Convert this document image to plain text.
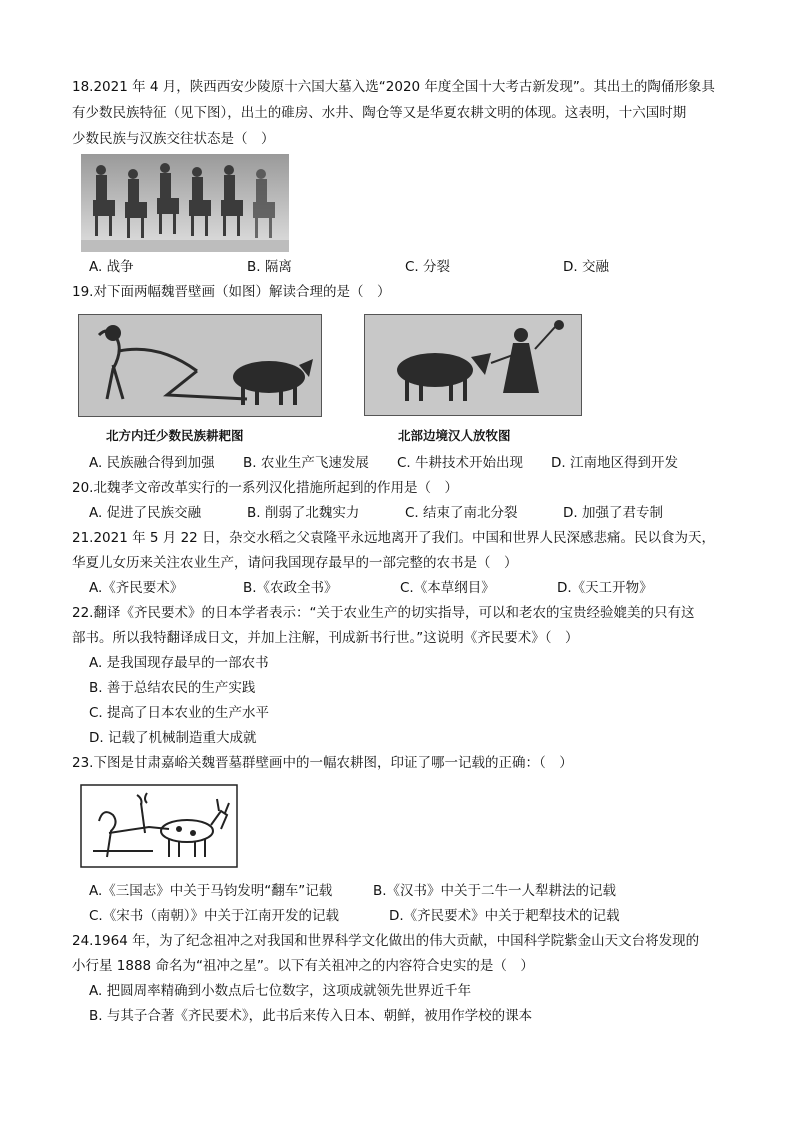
18.2021 年 4 月，陕西西安少陵原十六国大墓入选“2020 年度全国十大考古新发现”。其出土的陶俑形象具
有少数民族特征（见下图），出土的碓房、水井、陶仓等又是华夏农耕文明的体现。这表明，十六国时期
少数民族与汉族交往状态是（　）
A. 战争	B. 隔离	C. 分裂	D. 交融
19.对下面两幅魏晋壁画（如图）解读合理的是（　）
北方内迁少数民族耕耙图	北部边境汉人放牧图
A. 民族融合得到加强 B. 农业生产飞速发展 C. 牛耕技术开始出现 D. 江南地区得到开发
20.北魏孝文帝改革实行的一系列汉化措施所起到的作用是（　）
A. 促进了民族交融	B. 削弱了北魏实力	C. 结束了南北分裂	D. 加强了君专制
21.2021 年 5 月 22 日，杂交水稻之父袁隆平永远地离开了我们。中国和世界人民深感悲痛。民以食为天，
华夏儿女历来关注农业生产，请问我国现存最早的一部完整的农书是（　）
A.《齐民要术》	B.《农政全书》	C.《本草纲目》	D.《天工开物》
22.翻译《齐民要术》的日本学者表示：“关于农业生产的切实指导，可以和老农的宝贵经验媲美的只有这
部书。所以我特翻译成日文，并加上注解，刊成新书行世。”这说明《齐民要术》（　）
A. 是我国现存最早的一部农书
B. 善于总结农民的生产实践
C. 提高了日本农业的生产水平
D. 记载了机械制造重大成就
23.下图是甘肃嘉峪关魏晋墓群壁画中的一幅农耕图，印证了哪一记载的正确：（　）
A.《三国志》中关于马钧发明“翻车”记载	B.《汉书》中关于二牛一人犁耕法的记载
C.《宋书（南朝）》中关于江南开发的记载	D.《齐民要术》中关于耙犁技术的记载
24.1964 年，为了纪念祖冲之对我国和世界科学文化做出的伟大贡献，中国科学院紫金山天文台将发现的
小行星 1888 命名为“祖冲之星”。以下有关祖冲之的内容符合史实的是（　）
A. 把圆周率精确到小数点后七位数字，这项成就领先世界近千年
B. 与其子合著《齐民要术》，此书后来传入日本、朝鲜，被用作学校的课本
